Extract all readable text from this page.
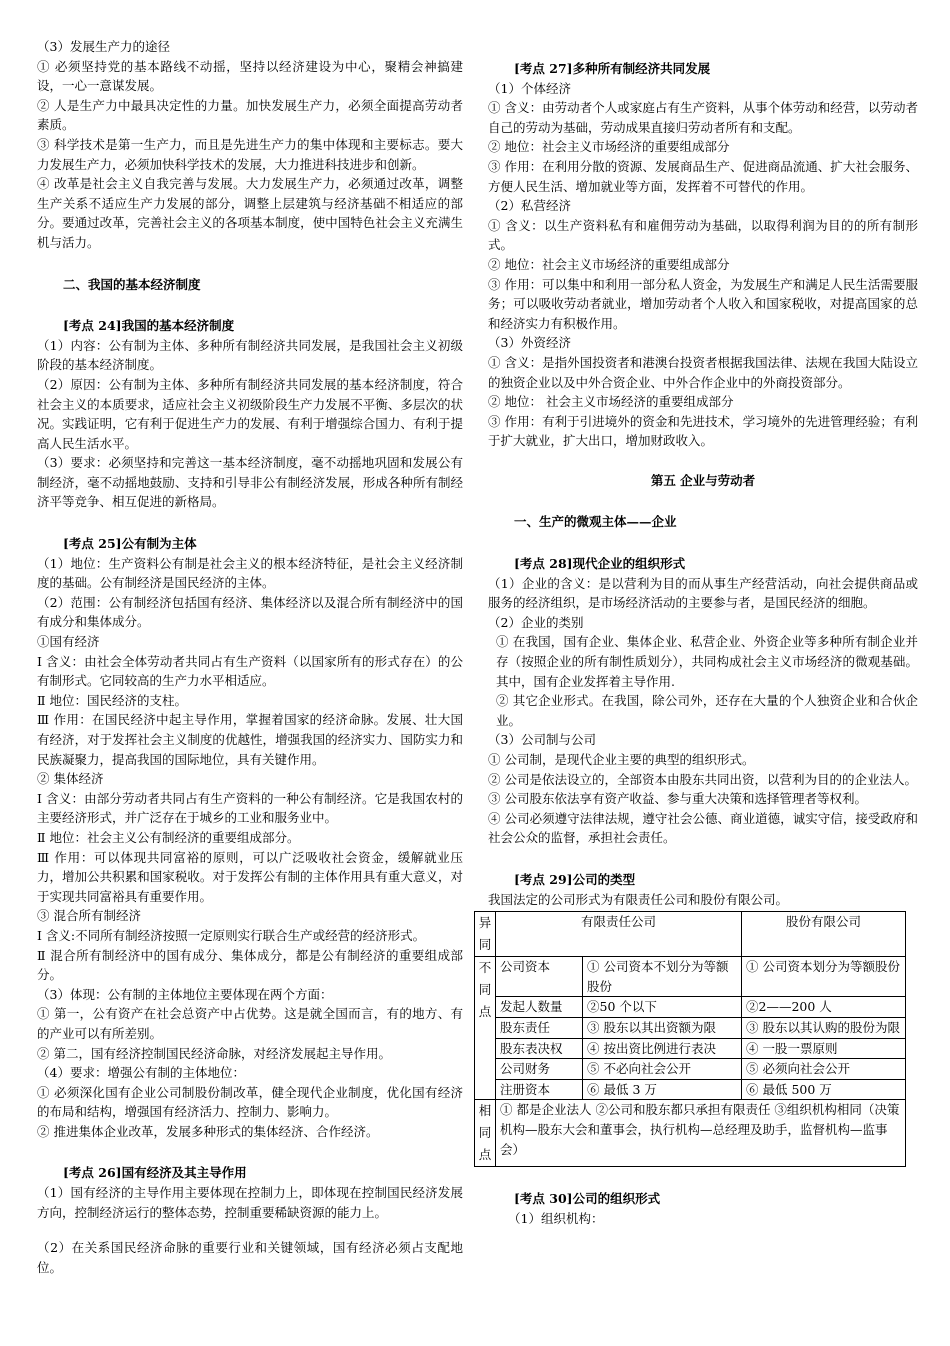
（3）发展生产力的途径

① 必须坚持党的基本路线不动摇，坚持以经济建设为中心，聚精会神搞建设，一心一意谋发展。

② 人是生产力中最具决定性的力量。加快发展生产力，必须全面提高劳动者素质。

③ 科学技术是第一生产力，而且是先进生产力的集中体现和主要标志。要大力发展生产力，必须加快科学技术的发展，大力推进科技进步和创新。

④ 改革是社会主义自我完善与发展。大力发展生产力，必须通过改革，调整生产关系不适应生产力发展的部分，调整上层建筑与经济基础不相适应的部分。要通过改革，完善社会主义的各项基本制度，使中国特色社会主义充满生机与活力。

二、我国的基本经济制度

[考点 24]我国的基本经济制度

（1）内容：公有制为主体、多种所有制经济共同发展，是我国社会主义初级阶段的基本经济制度。

（2）原因：公有制为主体、多种所有制经济共同发展的基本经济制度，符合社会主义的本质要求，适应社会主义初级阶段生产力发展不平衡、多层次的状况。实践证明，它有利于促进生产力的发展、有利于增强综合国力、有利于提高人民生活水平。

（3）要求：必须坚持和完善这一基本经济制度，毫不动摇地巩固和发展公有制经济，毫不动摇地鼓励、支持和引导非公有制经济发展，形成各种所有制经济平等竞争、相互促进的新格局。

[考点 25]公有制为主体

（1）地位：生产资料公有制是社会主义的根本经济特征，是社会主义经济制度的基础。公有制经济是国民经济的主体。

（2）范围：公有制经济包括国有经济、集体经济以及混合所有制经济中的国有成分和集体成分。

①国有经济

Ⅰ 含义：由社会全体劳动者共同占有生产资料（以国家所有的形式存在）的公有制形式。它同较高的生产力水平相适应。

Ⅱ 地位：国民经济的支柱。

Ⅲ 作用：在国民经济中起主导作用，掌握着国家的经济命脉。发展、壮大国有经济，对于发挥社会主义制度的优越性，增强我国的经济实力、国防实力和民族凝聚力，提高我国的国际地位，具有关键作用。

② 集体经济

Ⅰ 含义：由部分劳动者共同占有生产资料的一种公有制经济。它是我国农村的主要经济形式，并广泛存在于城乡的工业和服务业中。

Ⅱ 地位：社会主义公有制经济的重要组成部分。

Ⅲ 作用：可以体现共同富裕的原则，可以广泛吸收社会资金，缓解就业压力，增加公共积累和国家税收。对于发挥公有制的主体作用具有重大意义，对于实现共同富裕具有重要作用。

③ 混合所有制经济

Ⅰ 含义:不同所有制经济按照一定原则实行联合生产或经营的经济形式。

Ⅱ 混合所有制经济中的国有成分、集体成分，都是公有制经济的重要组成部分。

（3）体现：公有制的主体地位主要体现在两个方面：

① 第一，公有资产在社会总资产中占优势。这是就全国而言，有的地方、有的产业可以有所差别。

② 第二，国有经济控制国民经济命脉，对经济发展起主导作用。

（4）要求：增强公有制的主体地位：

① 必须深化国有企业公司制股份制改革，健全现代企业制度，优化国有经济的布局和结构，增强国有经济活力、控制力、影响力。

② 推进集体企业改革，发展多种形式的集体经济、合作经济。

[考点 26]国有经济及其主导作用

（1）国有经济的主导作用主要体现在控制力上，即体现在控制国民经济发展方向，控制经济运行的整体态势，控制重要稀缺资源的能力上。

（2）在关系国民经济命脉的重要行业和关键领域，国有经济必须占支配地位。

[考点 27]多种所有制经济共同发展

（1）个体经济

① 含义：由劳动者个人或家庭占有生产资料，从事个体劳动和经营，以劳动者自己的劳动为基础，劳动成果直接归劳动者所有和支配。

② 地位：社会主义市场经济的重要组成部分

③ 作用：在利用分散的资源、发展商品生产、促进商品流通、扩大社会服务、方便人民生活、增加就业等方面，发挥着不可替代的作用。

（2）私营经济

① 含义：以生产资料私有和雇佣劳动为基础，以取得利润为目的的所有制形式。

② 地位：社会主义市场经济的重要组成部分

③ 作用：可以集中和利用一部分私人资金，为发展生产和满足人民生活需要服务；可以吸收劳动者就业，增加劳动者个人收入和国家税收，对提高国家的总和经济实力有积极作用。

（3）外资经济

① 含义：是指外国投资者和港澳台投资者根据我国法律、法规在我国大陆设立的独资企业以及中外合资企业、中外合作企业中的外商投资部分。

② 地位： 社会主义市场经济的重要组成部分

③ 作用：有利于引进境外的资金和先进技术，学习境外的先进管理经验；有利于扩大就业，扩大出口，增加财政收入。

第五 企业与劳动者

一、生产的微观主体——企业

[考点 28]现代企业的组织形式

（1）企业的含义：是以营利为目的而从事生产经营活动，向社会提供商品或服务的经济组织，是市场经济活动的主要参与者，是国民经济的细胞。

（2）企业的类别

① 在我国，国有企业、集体企业、私营企业、外资企业等多种所有制企业并存（按照企业的所有制性质划分），共同构成社会主义市场经济的微观基础。其中，国有企业发挥着主导作用.

② 其它企业形式。在我国，除公司外，还存在大量的个人独资企业和合伙企业。

（3）公司制与公司

① 公司制，是现代企业主要的典型的组织形式。

② 公司是依法设立的，全部资本由股东共同出资，以营利为目的的企业法人。

③ 公司股东依法享有资产收益、参与重大决策和选择管理者等权利。

④ 公司必须遵守法律法规，遵守社会公德、商业道德，诚实守信，接受政府和社会公众的监督，承担社会责任。

[考点 29]公司的类型

我国法定的公司形式为有限责任公司和股份有限公司。

异同	有限责任公司		股份有限公司
不同点	公司资本	① 公司资本不划分为等额股份	① 公司资本划分为等额股份
	发起人数量	②50 个以下	②2——200 人
	股东责任	③ 股东以其出资额为限	③ 股东以其认购的股份为限
	股东表决权	④ 按出资比例进行表决	④ 一股一票原则
	公司财务	⑤ 不必向社会公开	⑤ 必须向社会公开
	注册资本	⑥ 最低 3 万	⑥ 最低 500 万
相同点	① 都是企业法人 ②公司和股东都只承担有限责任 ③组织机构相同（决策机构—股东大会和董事会，执行机构—总经理及助手，监督机构—监事会）		

[考点 30]公司的组织形式

（1）组织机构：
